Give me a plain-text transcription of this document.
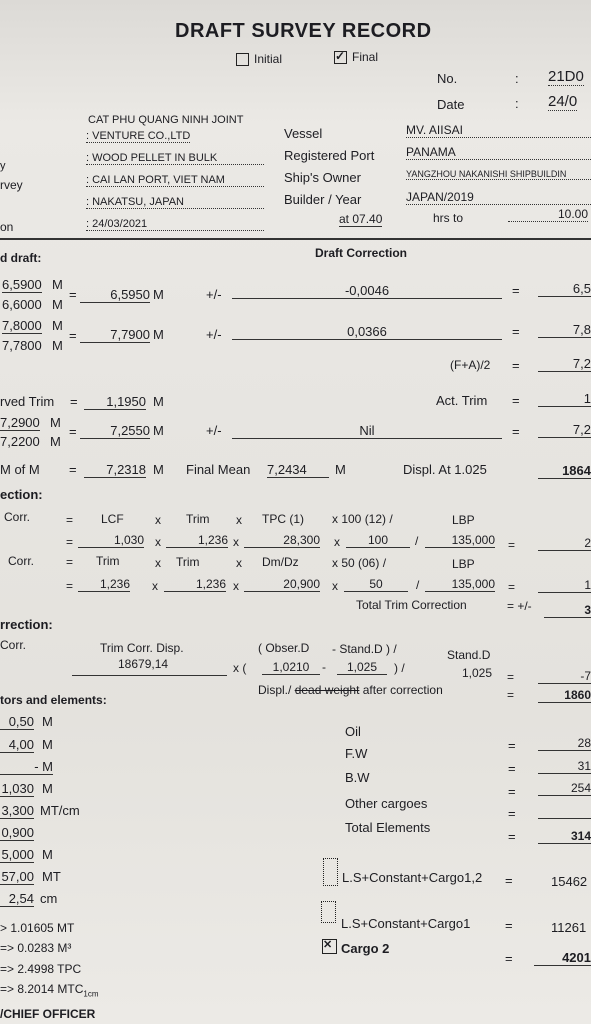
DRAFT SURVEY RECORD
Initial ✓	Final
No.	: 21D0
Date	: 24/0
CAT PHU QUANG NINH JOINT
: VENTURE CO.,LTD
: WOOD PELLET IN BULK
y
: CAI LAN PORT, VIET NAM
rvey
: NAKATSU, JAPAN
on	: 24/03/2021
Vessel	MV. AIISAI
Registered Port	PANAMA
Ship's Owner	YANGZHOU NAKANISHI SHIPBUILDIN
Builder / Year	JAPAN/2019
at 07.40	hrs to	10.00
d draft:	Draft Correction
6,5900 M
6,6000 M
=	6,5950 M	+/-	-0,0046	=	6,5
7,8000 M
7,7800 M
=	7,7900 M	+/-	0,0366	=	7,8
(F+A)/2 =	7,2
rved Trim =	1,1950 M	Act. Trim =	1
7,2900 M
7,2200 M
=	7,2550 M	+/-	Nil	=	7,2
M of M =	7,2318 M Final Mean 7,2434	M	Displ. At 1.025	1864
ection:
Corr.	= LCF	x Trim x TPC (1) x 100 (12) /	LBP
=	1,030 x	1,236 x	28,300 x	100	/	135,000 =	2
Corr.	= Trim	x Trim	x Dm/Dz	x 50 (06) /	LBP
=	1,236 x	1,236 x	20,900 x	50	/	135,000 =	1
Total Trim Correction	= +/-	3
rrection:
Corr.	Trim Corr. Disp.
18679,14
( Obser.D - Stand.D ) /	Stand.D
x (	1,0210	-	1,025	) /	1,025 =	-7
Displ./ dead weight after correction	=	1860
tors and elements:
0,50 M
4,00 M
- M
1,030 M
3,300 MT/cm
0,900
5,000 M
57,00 MT
2,54 cm
> 1.01605 MT
=> 0.0283 M³
=> 2.4998 TPC
=> 8.2014 $MTC_{1cm}$
/CHIEF OFFICER
Oil
=	28
F.W
=	31
B.W
=	254
Other cargoes
=
Total Elements
=	314
L.S+Constant+Cargo1,2 =	15462
L.S+Constant+Cargo1	=	11261
✕
Cargo 2
=	4201
